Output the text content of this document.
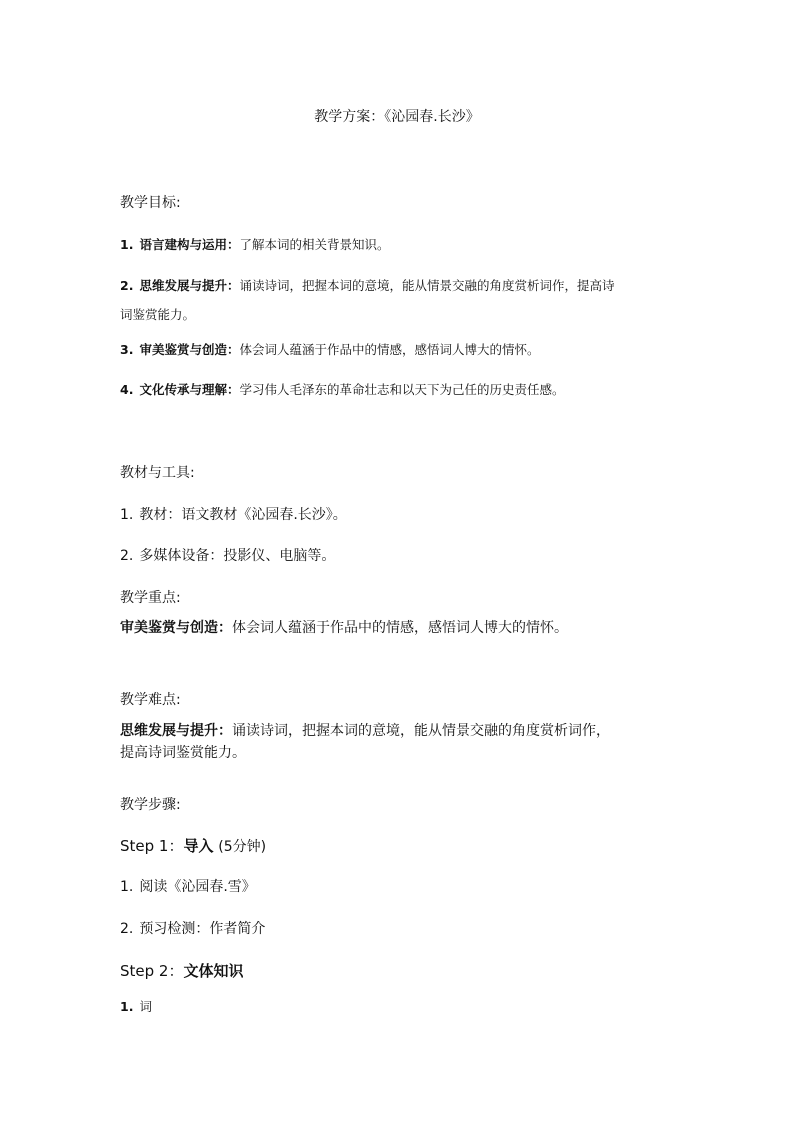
教学方案：《沁园春.长沙》
教学目标:
1. 语言建构与运用：了解本词的相关背景知识。
2. 思维发展与提升：诵读诗词，把握本词的意境，能从情景交融的角度赏析词作，提高诗
词鉴赏能力。
3. 审美鉴赏与创造：体会词人蕴涵于作品中的情感，感悟词人博大的情怀。
4. 文化传承与理解：学习伟人毛泽东的革命壮志和以天下为己任的历史责任感。
教材与工具:
1. 教材：语文教材《沁园春.长沙》。
2. 多媒体设备：投影仪、电脑等。
教学重点:
审美鉴赏与创造：体会词人蕴涵于作品中的情感，感悟词人博大的情怀。
教学难点:
思维发展与提升：诵读诗词，把握本词的意境，能从情景交融的角度赏析词作，
提高诗词鉴赏能力。
教学步骤:
Step 1：导入 (5分钟)
1. 阅读《沁园春.雪》
2. 预习检测：作者简介
Step 2：文体知识
1. 词
